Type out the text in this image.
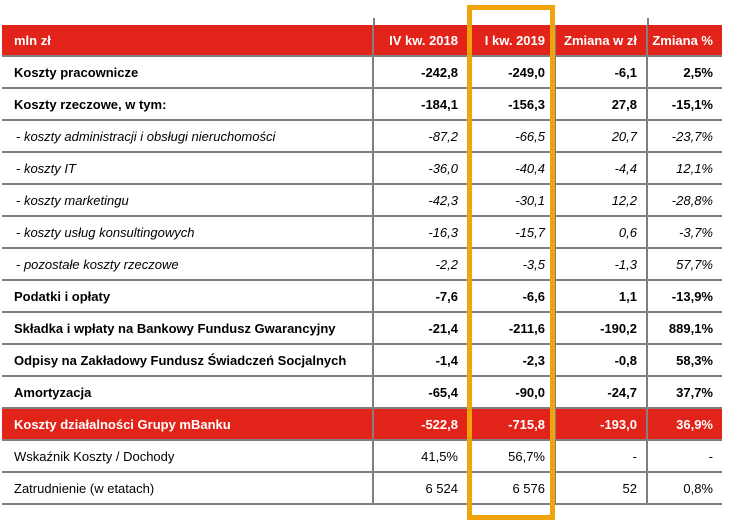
mln zł	IV kw. 2018	I kw. 2019	Zmiana w zł	Zmiana %
Koszty pracownicze	-242,8	-249,0	-6,1	2,5%
Koszty rzeczowe, w tym:	-184,1	-156,3	27,8	-15,1%
- koszty administracji i obsługi nieruchomości	-87,2	-66,5	20,7	-23,7%
- koszty IT	-36,0	-40,4	-4,4	12,1%
- koszty marketingu	-42,3	-30,1	12,2	-28,8%
- koszty usług konsultingowych	-16,3	-15,7	0,6	-3,7%
- pozostałe koszty rzeczowe	-2,2	-3,5	-1,3	57,7%
Podatki i opłaty	-7,6	-6,6	1,1	-13,9%
Składka i wpłaty na Bankowy Fundusz Gwarancyjny	-21,4	-211,6	-190,2	889,1%
Odpisy na Zakładowy Fundusz Świadczeń Socjalnych	-1,4	-2,3	-0,8	58,3%
Amortyzacja	-65,4	-90,0	-24,7	37,7%
Koszty działalności Grupy mBanku	-522,8	-715,8	-193,0	36,9%
Wskaźnik Koszty / Dochody	41,5%	56,7%	-	-
Zatrudnienie (w etatach)	6 524	6 576	52	0,8%
